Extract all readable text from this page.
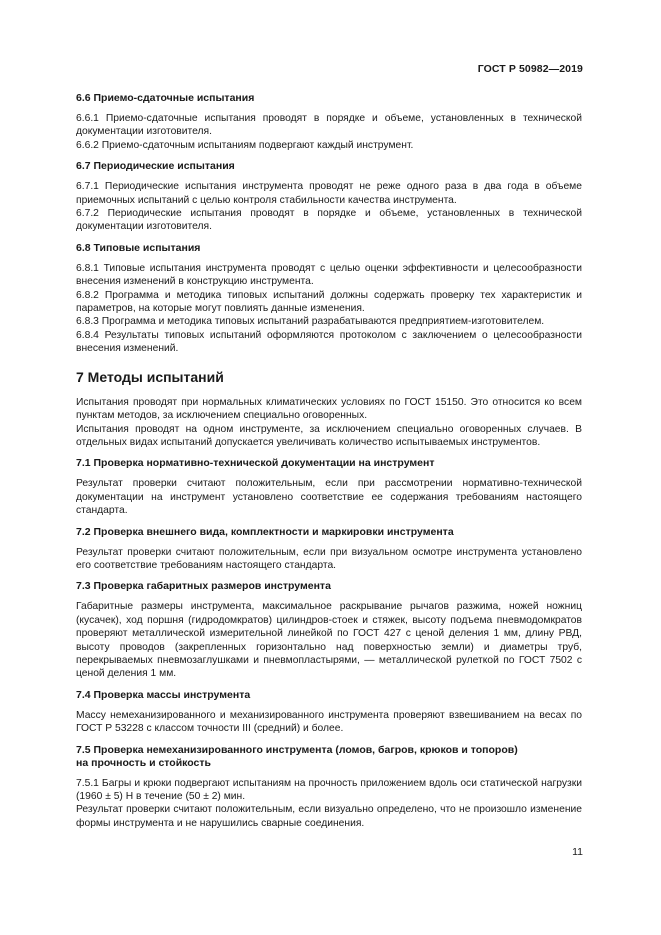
ГОСТ Р 50982—2019

6.6 Приемо-сдаточные испытания

6.6.1 Приемо-сдаточные испытания проводят в порядке и объеме, установленных в технической документации изготовителя.

6.6.2 Приемо-сдаточным испытаниям подвергают каждый инструмент.

6.7 Периодические испытания

6.7.1 Периодические испытания инструмента проводят не реже одного раза в два года в объеме приемочных испытаний с целью контроля стабильности качества инструмента.

6.7.2 Периодические испытания проводят в порядке и объеме, установленных в технической документации изготовителя.

6.8 Типовые испытания

6.8.1 Типовые испытания инструмента проводят с целью оценки эффективности и целесообразности внесения изменений в конструкцию инструмента.

6.8.2 Программа и методика типовых испытаний должны содержать проверку тех характеристик и параметров, на которые могут повлиять данные изменения.

6.8.3 Программа и методика типовых испытаний разрабатываются предприятием-изготовителем.

6.8.4 Результаты типовых испытаний оформляются протоколом с заключением о целесообразности внесения изменений.

7 Методы испытаний

Испытания проводят при нормальных климатических условиях по ГОСТ 15150. Это относится ко всем пунктам методов, за исключением специально оговоренных.

Испытания проводят на одном инструменте, за исключением специально оговоренных случаев. В отдельных видах испытаний допускается увеличивать количество испытываемых инструментов.

7.1 Проверка нормативно-технической документации на инструмент

Результат проверки считают положительным, если при рассмотрении нормативно-технической документации на инструмент установлено соответствие ее содержания требованиям настоящего стандарта.

7.2 Проверка внешнего вида, комплектности и маркировки инструмента

Результат проверки считают положительным, если при визуальном осмотре инструмента установлено его соответствие требованиям настоящего стандарта.

7.3 Проверка габаритных размеров инструмента

Габаритные размеры инструмента, максимальное раскрывание рычагов разжима, ножей ножниц (кусачек), ход поршня (гидродомкратов) цилиндров-стоек и стяжек, высоту подъема пневмодомкратов проверяют металлической измерительной линейкой по ГОСТ 427 с ценой деления 1 мм, длину РВД, высоту проводов (закрепленных горизонтально над поверхностью земли) и диаметры труб, перекрываемых пневмозаглушками и пневмопластырями, — металлической рулеткой по ГОСТ 7502 с ценой деления 1 мм.

7.4 Проверка массы инструмента

Массу немеханизированного и механизированного инструмента проверяют взвешиванием на весах по ГОСТ Р 53228 с классом точности III (средний) и более.

7.5 Проверка немеханизированного инструмента (ломов, багров, крюков и топоров)

на прочность и стойкость

7.5.1 Багры и крюки подвергают испытаниям на прочность приложением вдоль оси статической нагрузки (1960 ± 5) Н в течение (50 ± 2) мин.

Результат проверки считают положительным, если визуально определено, что не произошло изменение формы инструмента и не нарушились сварные соединения.

11
